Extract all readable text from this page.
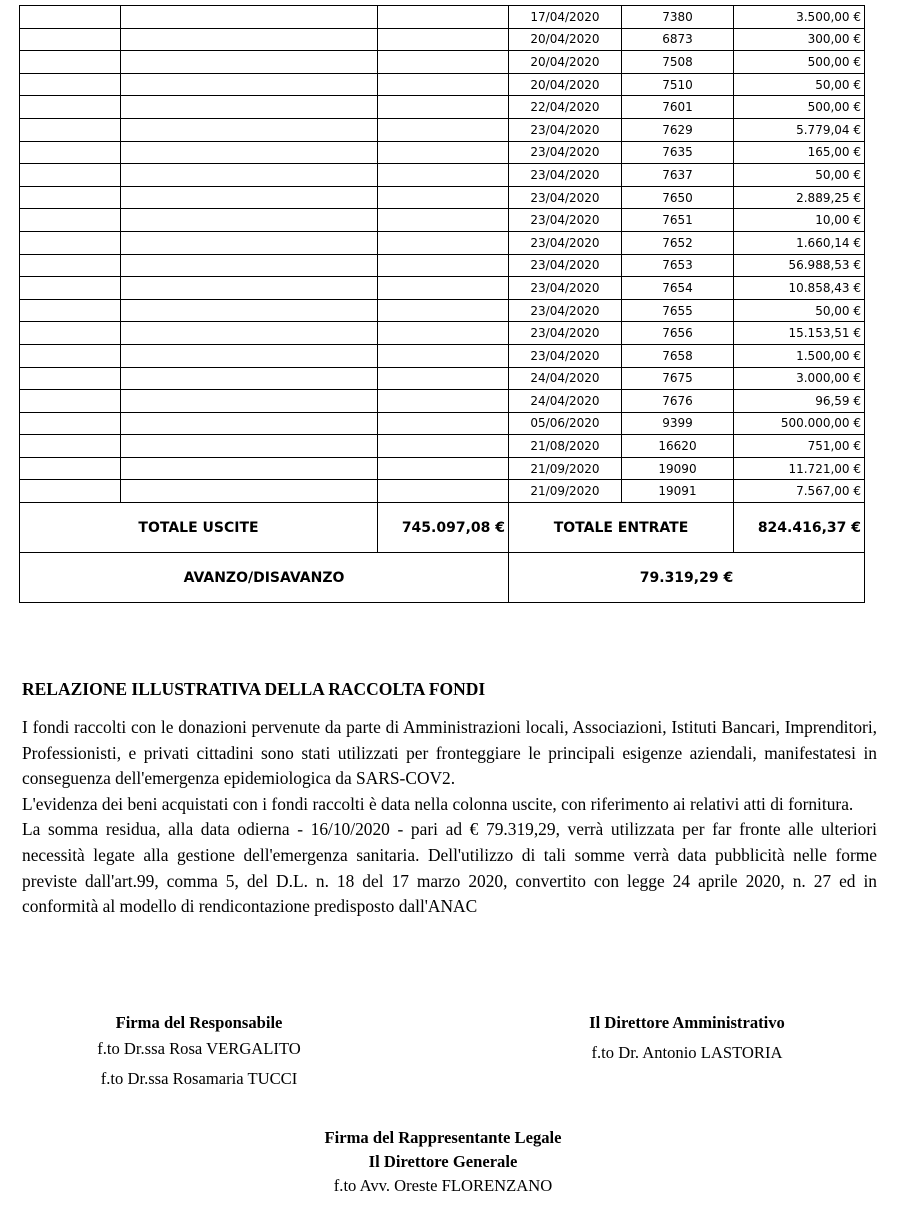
			17/04/2020	7380	3.500,00 €
			20/04/2020	6873	300,00 €
			20/04/2020	7508	500,00 €
			20/04/2020	7510	50,00 €
			22/04/2020	7601	500,00 €
			23/04/2020	7629	5.779,04 €
			23/04/2020	7635	165,00 €
			23/04/2020	7637	50,00 €
			23/04/2020	7650	2.889,25 €
			23/04/2020	7651	10,00 €
			23/04/2020	7652	1.660,14 €
			23/04/2020	7653	56.988,53 €
			23/04/2020	7654	10.858,43 €
			23/04/2020	7655	50,00 €
			23/04/2020	7656	15.153,51 €
			23/04/2020	7658	1.500,00 €
			24/04/2020	7675	3.000,00 €
			24/04/2020	7676	96,59 €
			05/06/2020	9399	500.000,00 €
			21/08/2020	16620	751,00 €
			21/09/2020	19090	11.721,00 €
			21/09/2020	19091	7.567,00 €
TOTALE USCITE		745.097,08 €	TOTALE ENTRATE		824.416,37 €
AVANZO/DISAVANZO			79.319,29 €		
RELAZIONE ILLUSTRATIVA DELLA RACCOLTA FONDI

I fondi raccolti con le donazioni pervenute da parte di Amministrazioni locali, Associazioni, Istituti Bancari, Imprenditori, Professionisti, e privati cittadini sono stati utilizzati per fronteggiare le principali esigenze aziendali, manifestatesi in conseguenza dell'emergenza epidemiologica da SARS-COV2.

L'evidenza dei beni acquistati con i fondi raccolti è data nella colonna uscite, con riferimento ai relativi atti di fornitura.

La somma residua, alla data odierna - 16/10/2020 - pari ad € 79.319,29, verrà utilizzata per far fronte alle ulteriori necessità legate alla gestione dell'emergenza sanitaria. Dell'utilizzo di tali somme verrà data pubblicità nelle forme previste dall'art.99, comma 5, del D.L. n. 18 del 17 marzo 2020, convertito con legge 24 aprile 2020, n. 27 ed in conformità al modello di rendicontazione predisposto dall'ANAC

Firma del Responsabile
f.to Dr.ssa Rosa VERGALITO
f.to Dr.ssa Rosamaria TUCCI
Il Direttore Amministrativo
f.to Dr. Antonio LASTORIA
Firma del Rappresentante Legale
Il Direttore Generale
f.to Avv. Oreste FLORENZANO
